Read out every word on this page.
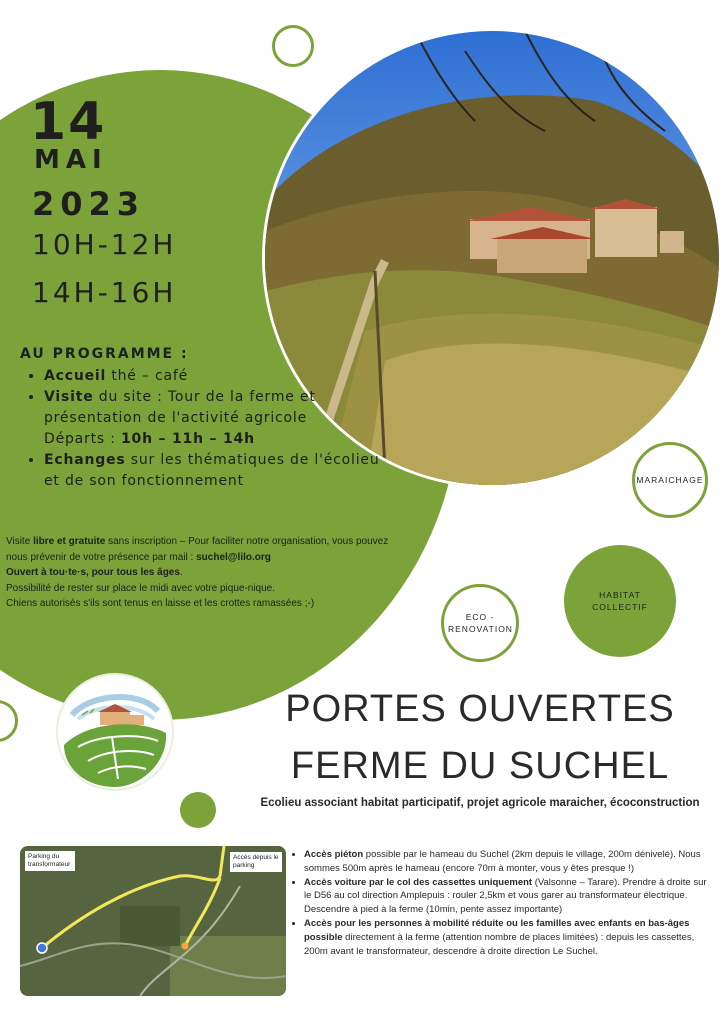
14
MAI
2023
10H-12H
14H-16H
AU PROGRAMME :
• Accueil thé – café
• Visite du site : Tour de la ferme et présentation de l'activité agricole
Départs : 10h – 11h – 14h
• Echanges sur les thématiques de l'écolieu et de son fonctionnement
Visite libre et gratuite sans inscription – Pour faciliter notre organisation, vous pouvez nous prévenir de votre présence par mail : suchel@lilo.org
Ouvert à tou·te·s, pour tous les âges.
Possibilité de rester sur place le midi avec votre pique-nique.
Chiens autorisés s'ils sont tenus en laisse et les crottes ramassées ;-)
MARAICHAGE
HABITAT COLLECTIF
ECO - RENOVATION
PORTES OUVERTES
FERME DU SUCHEL
Ecolieu associant habitat participatif, projet agricole maraicher, écoconstruction
Parking du transformateur
Accès depuis le parking
• Accès piéton possible par le hameau du Suchel (2km depuis le village, 200m dénivelé). Nous sommes 500m après le hameau (encore 70m à monter, vous y êtes presque !)
• Accès voiture par le col des cassettes uniquement (Valsonne – Tarare). Prendre à droite sur le D56 au col direction Amplepuis : rouler 2,5km et vous garer au transformateur électrique. Descendre à pied à la ferme (10min, pente assez importante)
• Accès pour les personnes à mobilité réduite ou les familles avec enfants en bas-âges possible directement à la ferme (attention nombre de places limitées) : depuis les cassettes, 200m avant le transformateur, descendre à droite direction Le Suchel.
